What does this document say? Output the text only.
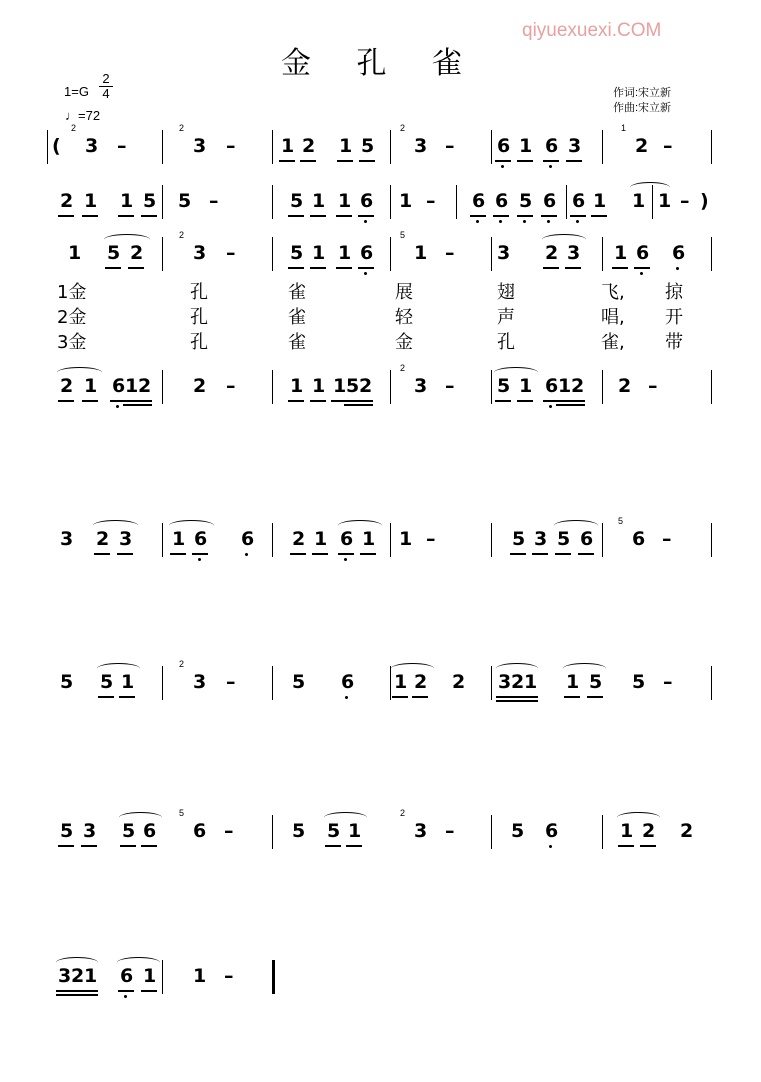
qiyuexuexi.COM
金 孔 雀
1=G
2
4
♩=72
作词:宋立新
作曲:宋立新
( 3
2
–	3
2
– 1 2 1 5 3
2
– 6 1 6 3	2
1
–
2 1 1 5 5 –	5 1 1 6 1 – 6 6 5 6 6 1 1 1 – )
1 5 2	3
2
–	5 1 1 6 1
5
– 3 2 3 1 6 6
2 1 6 1 2 2 –	1 1 1 5 2 3
2
– 5 1 6 1 2 2 –
3 2 3 1 6 6 2 1 6 1 1 –	5 3 5 6 6
5
–
5 5 1	3
2
–	5 6 1 2 2 3 2 1 1 5 5 –
5 3 5 6 6
5
–	5 5 1	3
2
–	5 6	1 2 2
3 2 1 6 1 1 –
1金	孔	雀	展	翅	飞, 掠
2金	孔	雀	轻	声	唱, 开
3金	孔	雀	金	孔	雀, 带
